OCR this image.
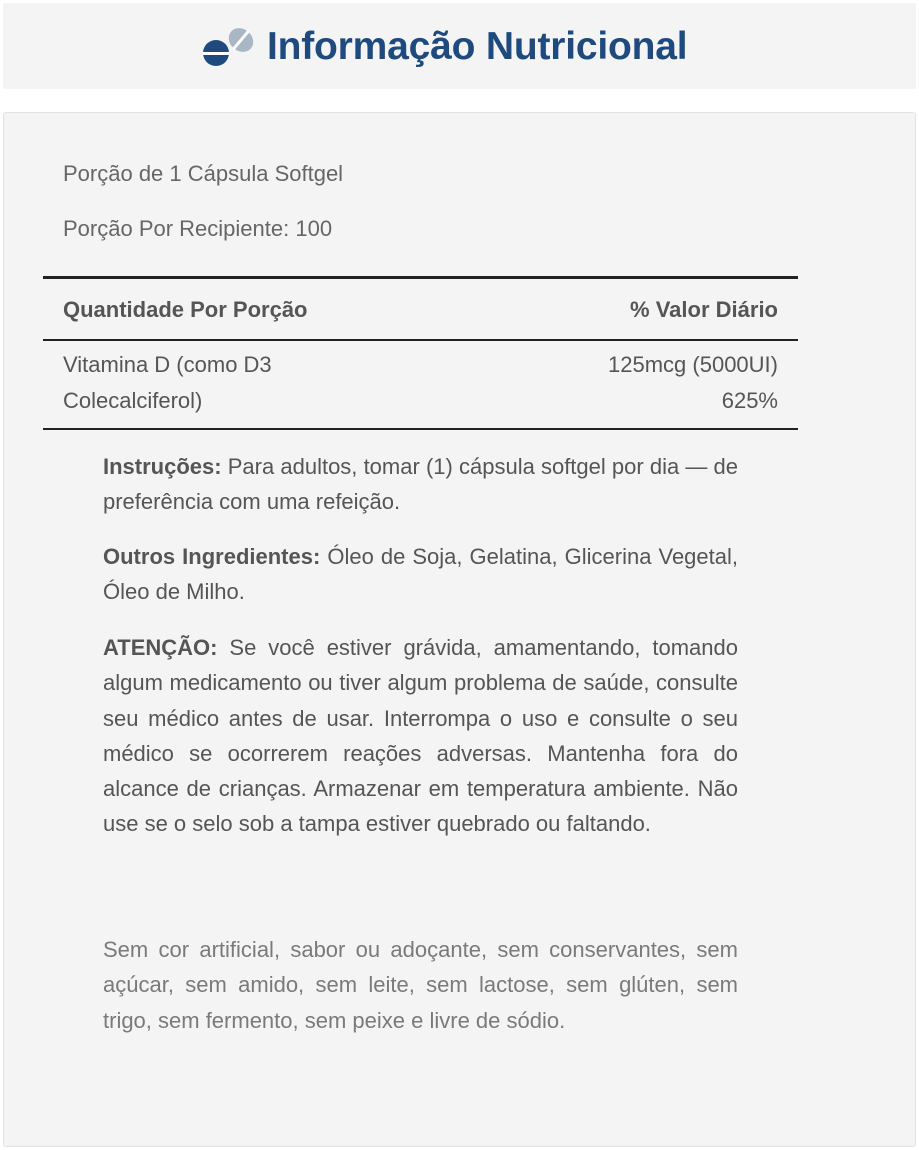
Informação Nutricional
Porção de 1 Cápsula Softgel
Porção Por Recipiente: 100
Quantidade Por Porção	% Valor Diário
Vitamina D (como D3 Colecalciferol)
125mcg (5000UI)
625%
Instruções: Para adultos, tomar (1) cápsula softgel por dia — de preferência com uma refeição.
Outros Ingredientes: Óleo de Soja, Gelatina, Glicerina Vegetal, Óleo de Milho.
ATENÇÃO: Se você estiver grávida, amamentando, tomando algum medicamento ou tiver algum problema de saúde, consulte seu médico antes de usar. Interrompa o uso e consulte o seu médico se ocorrerem reações adversas. Mantenha fora do alcance de crianças. Armazenar em temperatura ambiente. Não use se o selo sob a tampa estiver quebrado ou faltando.
Sem cor artificial, sabor ou adoçante, sem conservantes, sem açúcar, sem amido, sem leite, sem lactose, sem glúten, sem trigo, sem fermento, sem peixe e livre de sódio.
